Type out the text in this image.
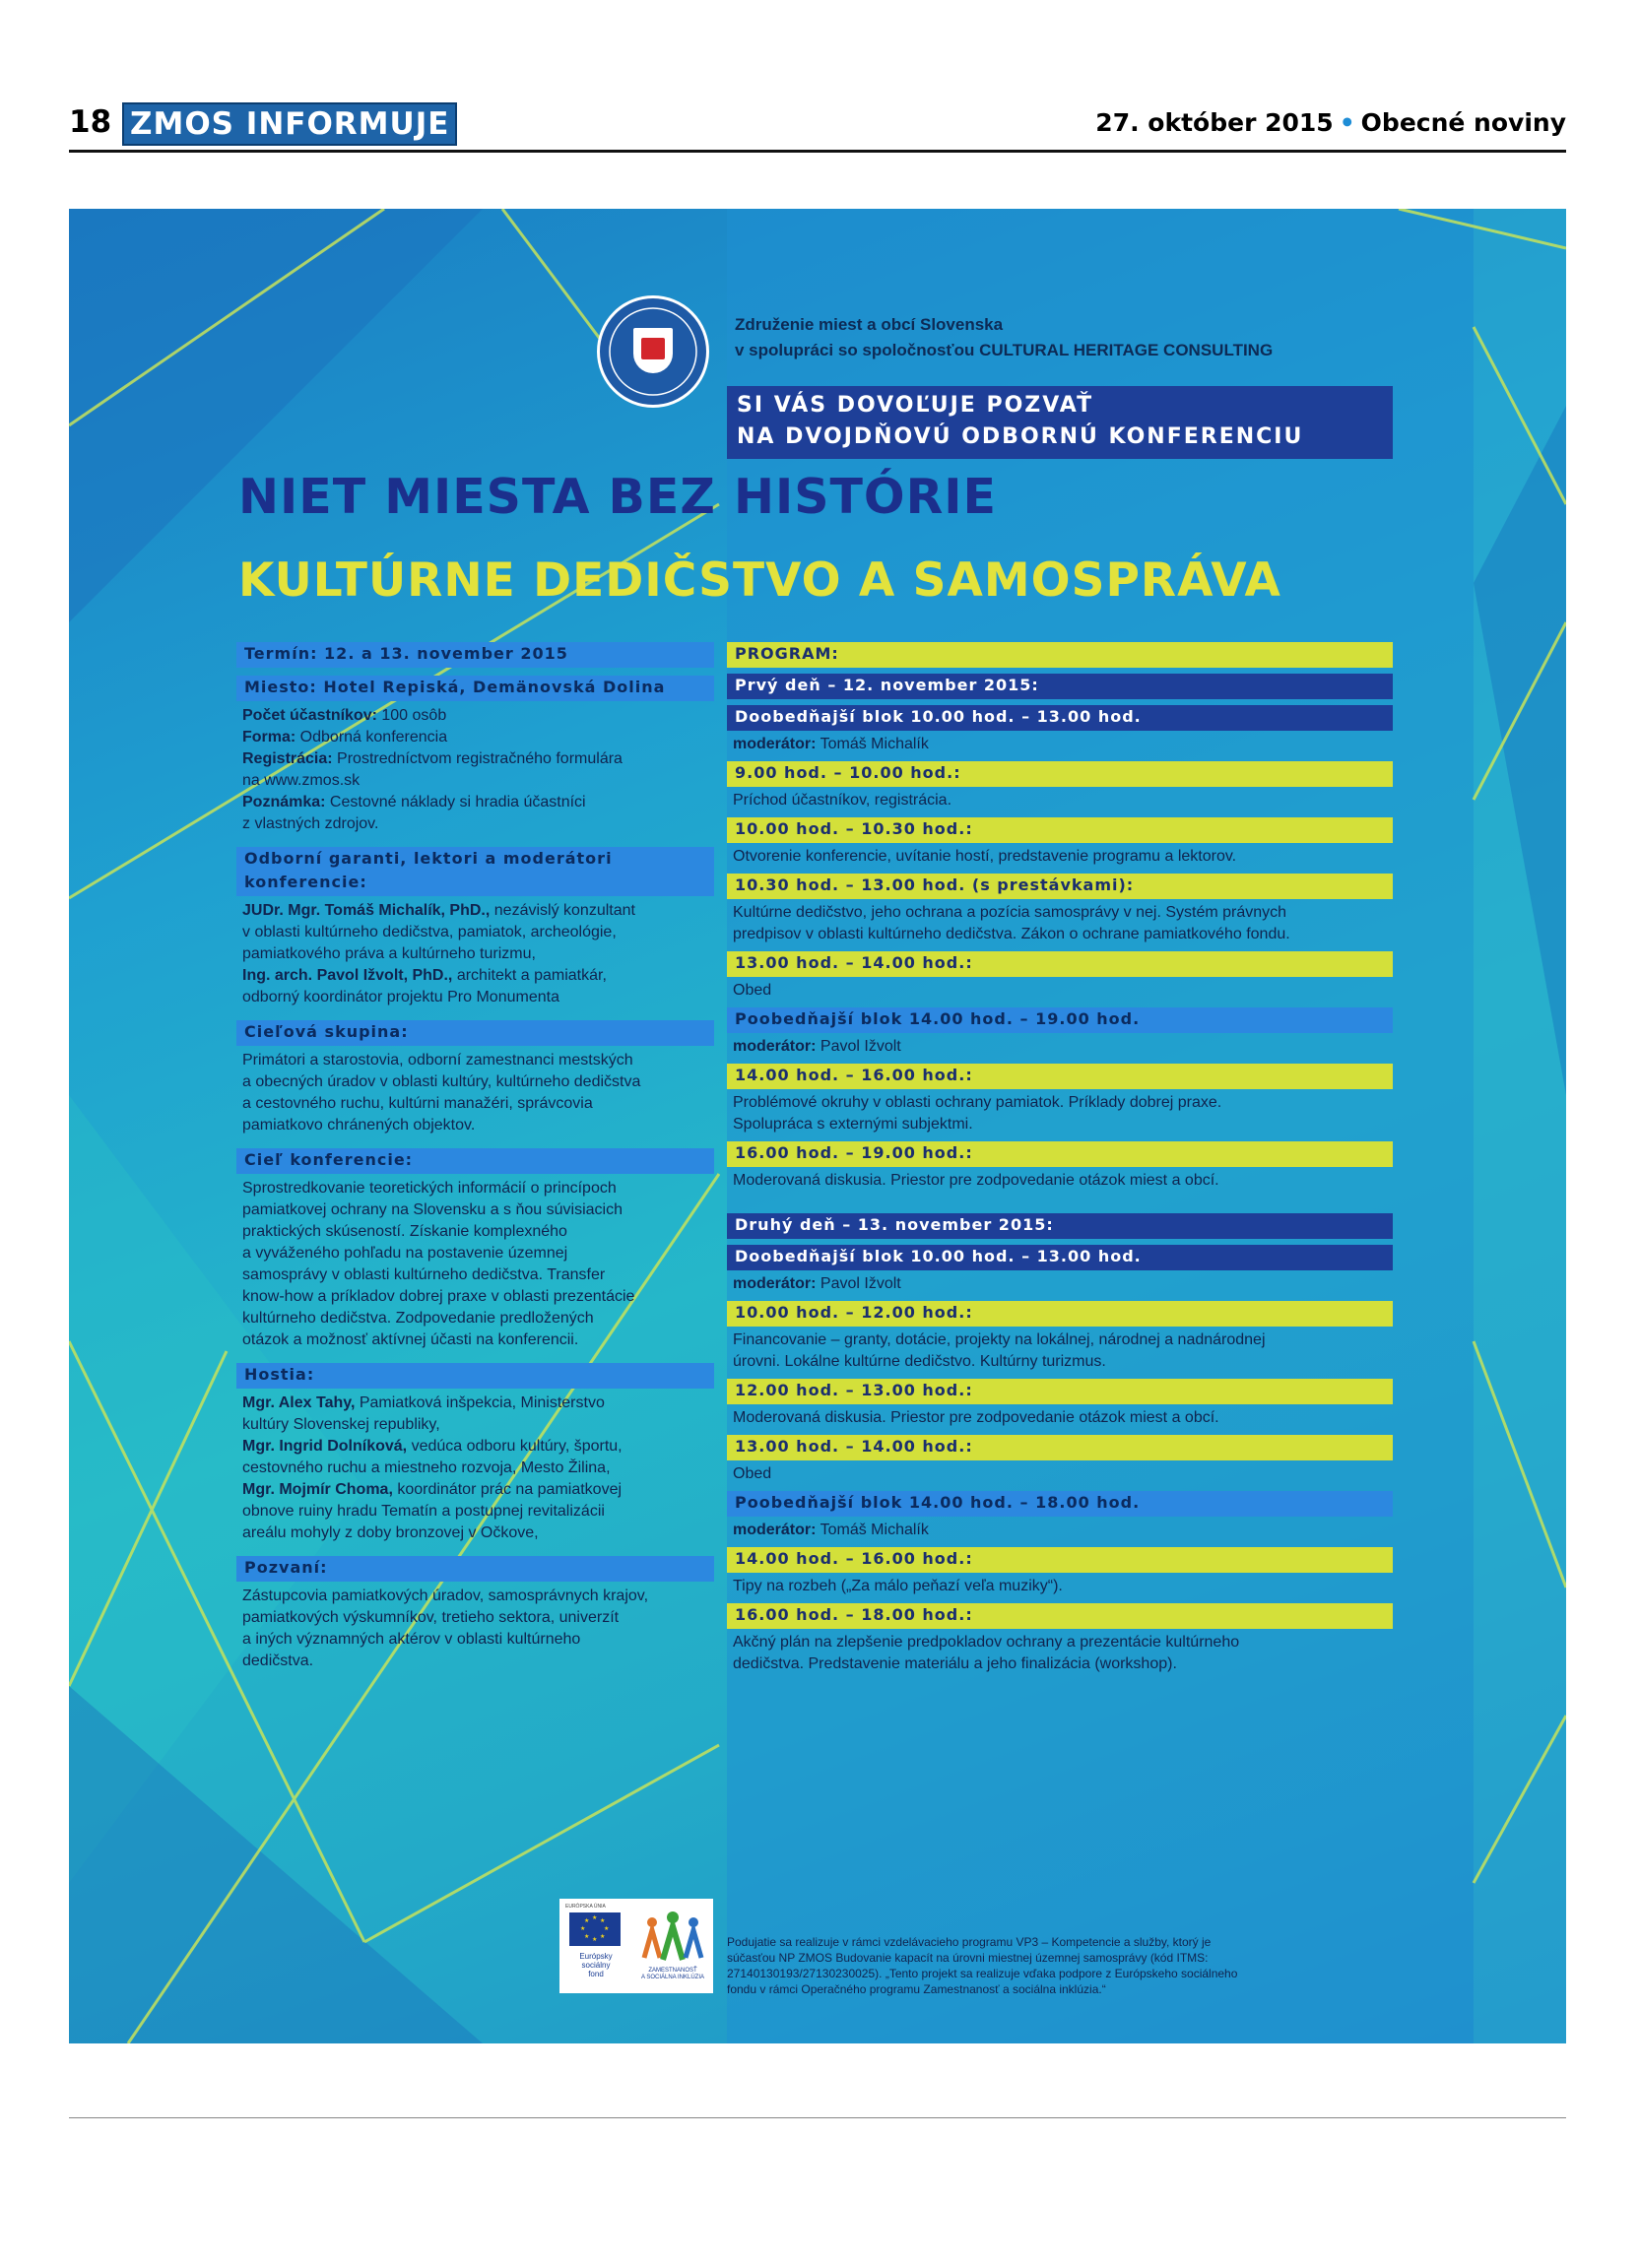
18 ZMOS INFORMUJE	27. október 2015 • Obecné noviny
Združenie miest a obcí Slovenska
v spolupráci so spoločnosťou CULTURAL HERITAGE CONSULTING
SI VÁS DOVOĽUJE POZVAŤ
NA DVOJDŇOVÚ ODBORNÚ KONFERENCIU
NIET MIESTA BEZ HISTÓRIE
KULTÚRNE DEDIČSTVO A SAMOSPRÁVA
Termín: 12. a 13. november 2015
Miesto: Hotel Repiská, Demänovská Dolina
Počet účastníkov: 100 osôb
Forma: Odborná konferencia
Registrácia: Prostredníctvom registračného formulára
na www.zmos.sk
Poznámka: Cestovné náklady si hradia účastníci
z vlastných zdrojov.
Odborní garanti, lektori a moderátori konferencie:
JUDr. Mgr. Tomáš Michalík, PhD., nezávislý konzultant
v oblasti kultúrneho dedičstva, pamiatok, archeológie,
pamiatkového práva a kultúrneho turizmu,
Ing. arch. Pavol Ižvolt, PhD., architekt a pamiatkár,
odborný koordinátor projektu Pro Monumenta
Cieľová skupina:
Primátori a starostovia, odborní zamestnanci mestských
a obecných úradov v oblasti kultúry, kultúrneho dedičstva
a cestovného ruchu, kultúrni manažéri, správcovia
pamiatkovo chránených objektov.
Cieľ konferencie:
Sprostredkovanie teoretických informácií o princípoch
pamiatkovej ochrany na Slovensku a s ňou súvisiacich
praktických skúseností. Získanie komplexného
a vyváženého pohľadu na postavenie územnej
samosprávy v oblasti kultúrneho dedičstva. Transfer
know-how a príkladov dobrej praxe v oblasti prezentácie
kultúrneho dedičstva. Zodpovedanie predložených
otázok a možnosť aktívnej účasti na konferencii.
Hostia:
Mgr. Alex Tahy, Pamiatková inšpekcia, Ministerstvo
kultúry Slovenskej republiky,
Mgr. Ingrid Dolníková, vedúca odboru kultúry, športu,
cestovného ruchu a miestneho rozvoja, Mesto Žilina,
Mgr. Mojmír Choma, koordinátor prác na pamiatkovej
obnove ruiny hradu Tematín a postupnej revitalizácii
areálu mohyly z doby bronzovej v Očkove,
Pozvaní:
Zástupcovia pamiatkových úradov, samosprávnych krajov,
pamiatkových výskumníkov, tretieho sektora, univerzít
a iných významných aktérov v oblasti kultúrneho
dedičstva.
PROGRAM:
Prvý deň – 12. november 2015:
Doobedňajší blok 10.00 hod. – 13.00 hod.
moderátor: Tomáš Michalík
9.00 hod. – 10.00 hod.:
Príchod účastníkov, registrácia.
10.00 hod. – 10.30 hod.:
Otvorenie konferencie, uvítanie hostí, predstavenie programu a lektorov.
10.30 hod. – 13.00 hod. (s prestávkami):
Kultúrne dedičstvo, jeho ochrana a pozícia samosprávy v nej. Systém právnych
predpisov v oblasti kultúrneho dedičstva. Zákon o ochrane pamiatkového fondu.
13.00 hod. – 14.00 hod.:
Obed
Poobedňajší blok 14.00 hod. – 19.00 hod.
moderátor: Pavol Ižvolt
14.00 hod. – 16.00 hod.:
Problémové okruhy v oblasti ochrany pamiatok. Príklady dobrej praxe.
Spolupráca s externými subjektmi.
16.00 hod. – 19.00 hod.:
Moderovaná diskusia. Priestor pre zodpovedanie otázok miest a obcí.
Druhý deň – 13. november 2015:
Doobedňajší blok 10.00 hod. – 13.00 hod.
moderátor: Pavol Ižvolt
10.00 hod. – 12.00 hod.:
Financovanie – granty, dotácie, projekty na lokálnej, národnej a nadnárodnej
úrovni. Lokálne kultúrne dedičstvo. Kultúrny turizmus.
12.00 hod. – 13.00 hod.:
Moderovaná diskusia. Priestor pre zodpovedanie otázok miest a obcí.
13.00 hod. – 14.00 hod.:
Obed
Poobedňajší blok 14.00 hod. – 18.00 hod.
moderátor: Tomáš Michalík
14.00 hod. – 16.00 hod.:
Tipy na rozbeh („Za málo peňazí veľa muziky“).
16.00 hod. – 18.00 hod.:
Akčný plán na zlepšenie predpokladov ochrany a prezentácie kultúrneho
dedičstva. Predstavenie materiálu a jeho finalizácia (workshop).
EURÓPSKA ÚNIA
★ ★
★
★
★
★
★
★
Európsky
sociálny
fond	ZAMESTNANOSŤ
A SOCIÁLNA INKLÚZIA
Podujatie sa realizuje v rámci vzdelávacieho programu VP3 – Kompetencie a služby, ktorý je
súčasťou NP ZMOS Budovanie kapacít na úrovni miestnej územnej samosprávy (kód ITMS:
27140130193/27130230025). „Tento projekt sa realizuje vďaka podpore z Európskeho sociálneho
fondu v rámci Operačného programu Zamestnanosť a sociálna inklúzia.“
